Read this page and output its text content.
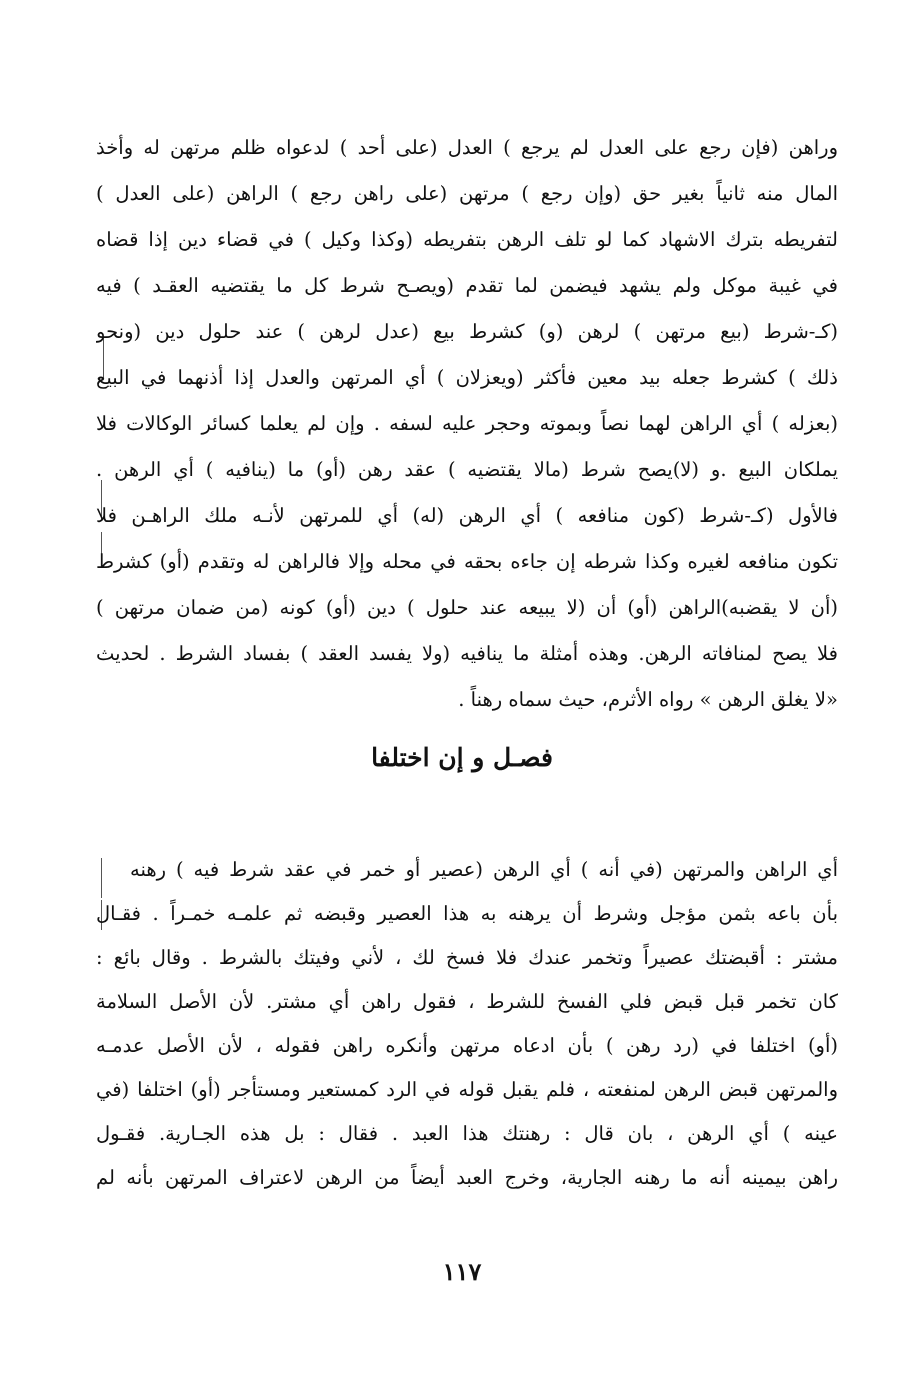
وراهن (فإن رجع على العدل لم يرجع ) العدل (على أحد ) لدعواه ظلم مرتهن له وأخذ
المال منه ثانياً بغير حق (وإن رجع ) مرتهن (على راهن رجع ) الراهن (على العدل )
لتفريطه بترك الاشهاد كما لو تلف الرهن بتفريطه (وكذا وكيل ) في قضاء دين إذا قضاه
في غيبة موكل ولم يشهد فيضمن لما تقدم (ويصـح شرط كل ما يقتضيه العقـد ) فيه
(كـ-شرط (بيع مرتهن ) لرهن (و) كشرط بيع (عدل لرهن ) عند حلول دين (ونحو
ذلك ) كشرط جعله بيد معين فأكثر (ويعزلان ) أي المرتهن والعدل إذا أذنهما في البيع
(بعزله ) أي الراهن لهما نصاً وبموته وحجر عليه لسفه . وإن لم يعلما كسائر الوكالات فلا
يملكان البيع .و (لا)يصح شرط (مالا يقتضيه ) عقد رهن (أو) ما (ينافيه ) أي الرهن .
فالأول (كـ-شرط (كون منافعه ) أي الرهن (له) أي للمرتهن لأنـه ملك الراهـن فلا
تكون منافعه لغيره وكذا شرطه إن جاءه بحقه في محله وإلا فالراهن له وتقدم (أو) كشرط
(أن لا يقضبه)الراهن (أو) أن (لا يبيعه عند حلول ) دين (أو) كونه (من ضمان مرتهن )
فلا يصح لمنافاته الرهن. وهذه أمثلة ما ينافيه (ولا يفسد العقد ) بفساد الشرط . لحديث
«لا يغلق الرهن » رواه الأثرم، حيث سماه رهناً .
فصـل و إن اختلفا
أي الراهن والمرتهن (في أنه ) أي الرهن (عصير أو خمر في عقد شرط فيه ) رهنه
بأن باعه بثمن مؤجل وشرط أن يرهنه به هذا العصير وقبضه ثم علمـه خمـراً . فقـال
مشتر : أقبضتك عصيراً وتخمر عندك فلا فسخ لك ، لأني وفيتك بالشرط . وقال بائع :
كان تخمر قبل قبض فلي الفسخ للشرط ، فقول راهن أي مشتر. لأن الأصل السلامة
(أو) اختلفا في (رد رهن ) بأن ادعاه مرتهن وأنكره راهن فقوله ، لأن الأصل عدمـه
والمرتهن قبض الرهن لمنفعته ، فلم يقبل قوله في الرد كمستعير ومستأجر (أو) اختلفا (في
عينه ) أي الرهن ، بان قال : رهنتك هذا العبد . فقال : بل هذه الجـارية. فقـول
راهن بيمينه أنه ما رهنه الجارية، وخرج العبد أيضاً من الرهن لاعتراف المرتهن بأنه لم
١١٧
